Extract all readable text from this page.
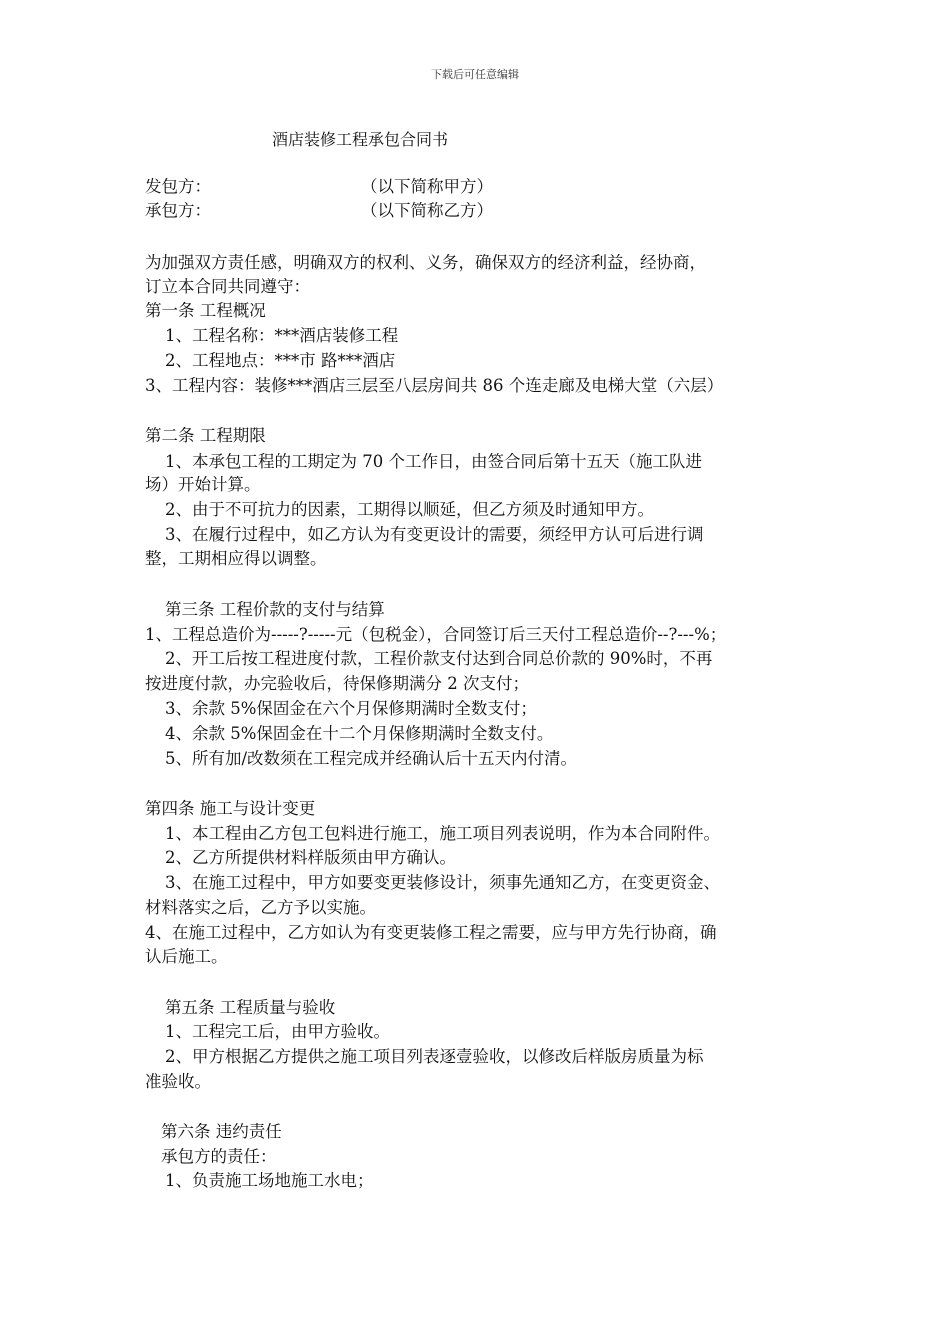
下载后可任意编辑
酒店装修工程承包合同书
发包方：	（以下简称甲方）
承包方：	（以下简称乙方）
为加强双方责任感，明确双方的权利、义务，确保双方的经济利益，经协商，
订立本合同共同遵守：
第一条 工程概况
1、工程名称：***酒店装修工程
2、工程地点：***市 路***酒店
3、工程内容：装修***酒店三层至八层房间共 86 个连走廊及电梯大堂（六层）
第二条 工程期限
1、本承包工程的工期定为 70 个工作日，由签合同后第十五天（施工队进
场）开始计算。
2、由于不可抗力的因素，工期得以顺延，但乙方须及时通知甲方。
3、在履行过程中，如乙方认为有变更设计的需要，须经甲方认可后进行调
整，工期相应得以调整。
第三条 工程价款的支付与结算
1、工程总造价为-----?-----元（包税金），合同签订后三天付工程总造价--?---%；
2、开工后按工程进度付款，工程价款支付达到合同总价款的 90%时，不再
按进度付款，办完验收后，待保修期满分 2 次支付；
3、余款 5%保固金在六个月保修期满时全数支付；
4、余款 5%保固金在十二个月保修期满时全数支付。
5、所有加/改数须在工程完成并经确认后十五天内付清。
第四条 施工与设计变更
1、本工程由乙方包工包料进行施工，施工项目列表说明，作为本合同附件。
2、乙方所提供材料样版须由甲方确认。
3、在施工过程中，甲方如要变更装修设计，须事先通知乙方，在变更资金、
材料落实之后，乙方予以实施。
4、在施工过程中，乙方如认为有变更装修工程之需要，应与甲方先行协商，确
认后施工。
第五条 工程质量与验收
1、工程完工后，由甲方验收。
2、甲方根据乙方提供之施工项目列表逐壹验收，以修改后样版房质量为标
准验收。
第六条 违约责任
承包方的责任：
1、负责施工场地施工水电；
